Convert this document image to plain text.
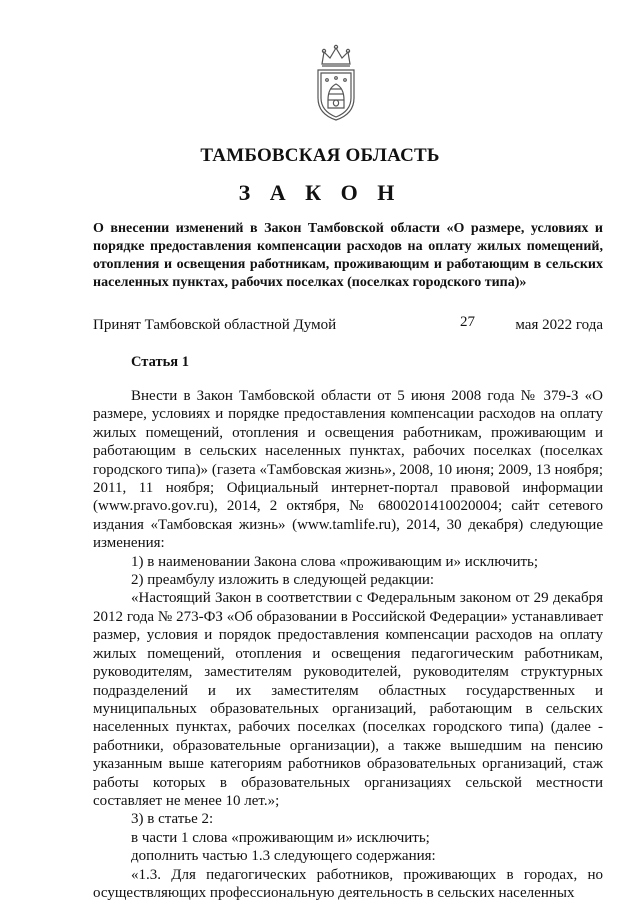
ТАМБОВСКАЯ ОБЛАСТЬ
З А К О Н
О внесении изменений в Закон Тамбовской области «О размере, условиях и порядке предоставления компенсации расходов на оплату жилых помещений, отопления и освещения работникам, проживающим и работающим в сельских населенных пунктах, рабочих поселках (поселках городского типа)»
Принят Тамбовской областной Думой	27	мая 2022 года
Статья 1

Внести в Закон Тамбовской области от 5 июня 2008 года № 379-З «О размере, условиях и порядке предоставления компенсации расходов на оплату жилых помещений, отопления и освещения работникам, проживающим и работающим в сельских населенных пунктах, рабочих поселках (поселках городского типа)» (газета «Тамбовская жизнь», 2008, 10 июня; 2009, 13 ноября; 2011, 11 ноября; Официальный интернет-портал правовой информации (www.pravo.gov.ru), 2014, 2 октября, № 6800201410020004; сайт сетевого издания «Тамбовская жизнь» (www.tamlife.ru), 2014, 30 декабря) следующие изменения:

1) в наименовании Закона слова «проживающим и» исключить;

2) преамбулу изложить в следующей редакции:

«Настоящий Закон в соответствии с Федеральным законом от 29 декабря 2012 года № 273-ФЗ «Об образовании в Российской Федерации» устанавливает размер, условия и порядок предоставления компенсации расходов на оплату жилых помещений, отопления и освещения педагогическим работникам, руководителям, заместителям руководителей, руководителям структурных подразделений и их заместителям областных государственных и муниципальных образовательных организаций, работающим в сельских населенных пунктах, рабочих поселках (поселках городского типа) (далее - работники, образовательные организации), а также вышедшим на пенсию указанным выше категориям работников образовательных организаций, стаж работы которых в образовательных организациях сельской местности составляет не менее 10 лет.»;

3) в статье 2:

в части 1 слова «проживающим и» исключить;

дополнить частью 1.3 следующего содержания:

«1.3. Для педагогических работников, проживающих в городах, но осуществляющих профессиональную деятельность в сельских населенных
